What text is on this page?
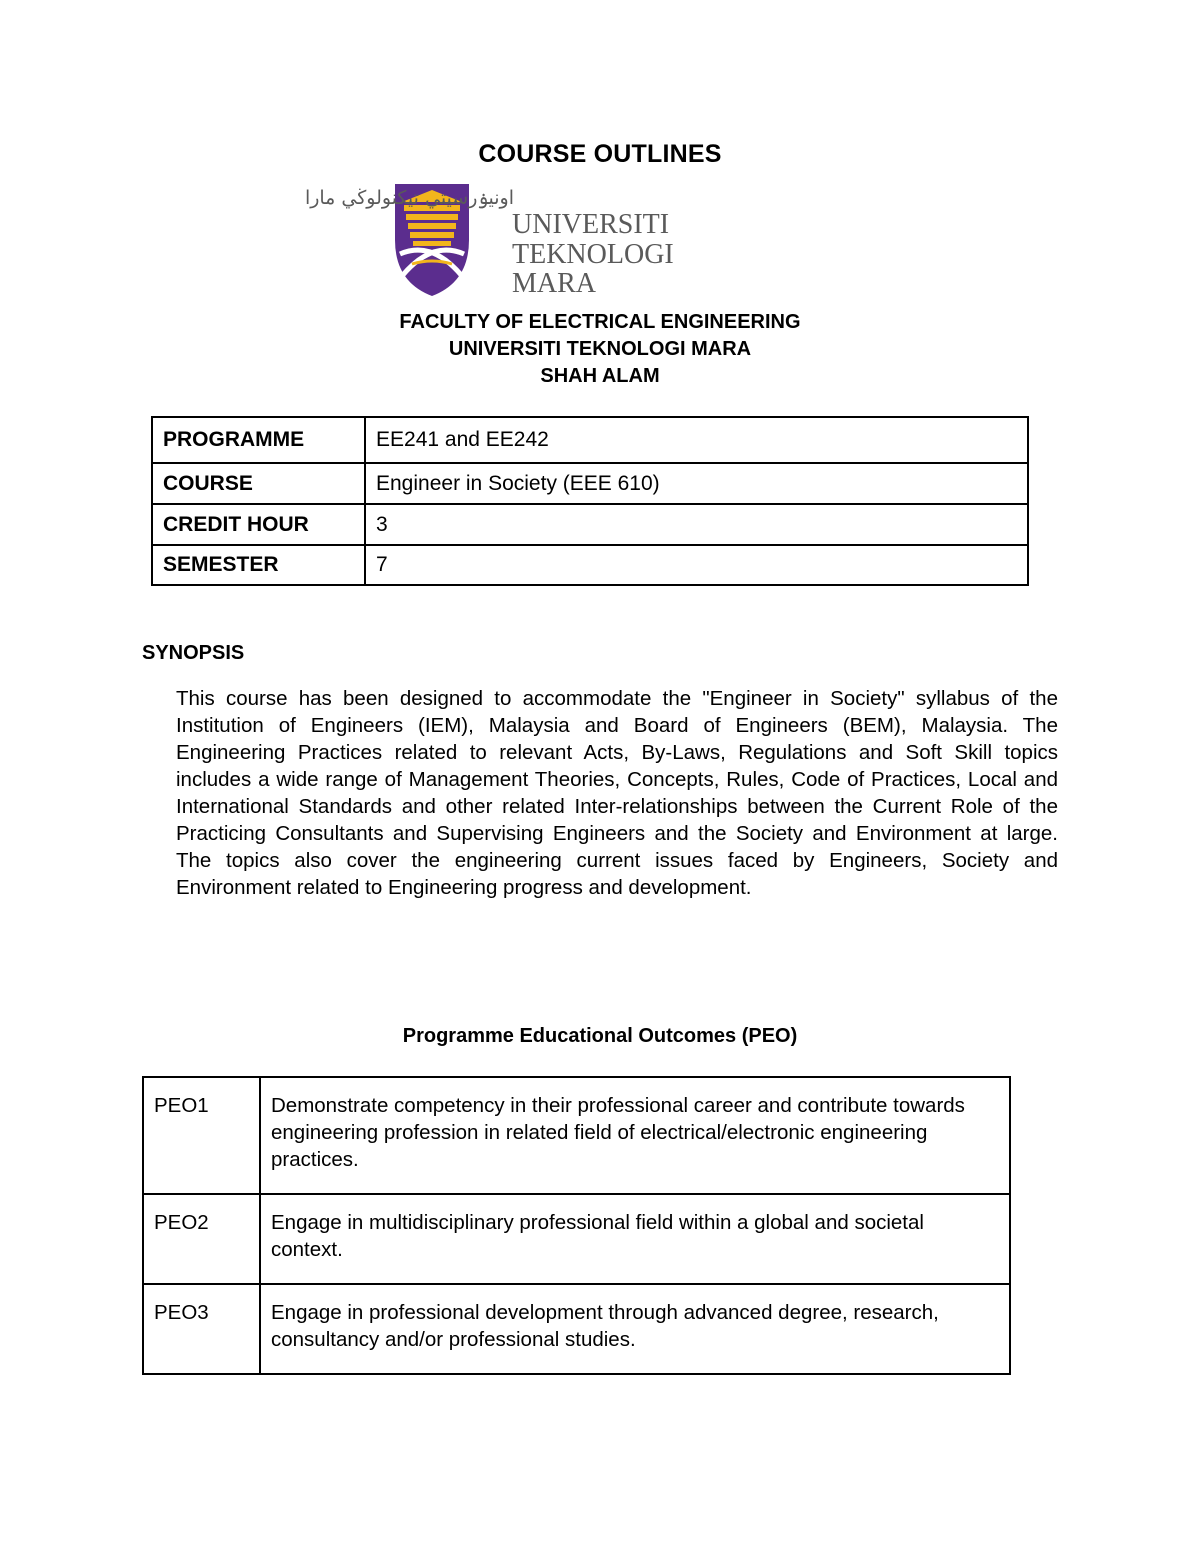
COURSE OUTLINES
اونيۏرسيتي تيكنولوڬي مارا
UNIVERSITI
TEKNOLOGI
MARA
FACULTY OF ELECTRICAL ENGINEERING
UNIVERSITI TEKNOLOGI MARA
SHAH ALAM
PROGRAMME	EE241 and EE242
COURSE	Engineer in Society (EEE 610)
CREDIT HOUR	3
SEMESTER	7
SYNOPSIS
This course has been designed to accommodate the "Engineer in Society" syllabus of the Institution of Engineers (IEM), Malaysia and Board of Engineers (BEM), Malaysia. The Engineering Practices related to relevant Acts, By-Laws, Regulations and Soft Skill topics includes a wide range of Management Theories, Concepts, Rules, Code of Practices, Local and International Standards and other related Inter-relationships between the Current Role of the Practicing Consultants and Supervising Engineers and the Society and Environment at large. The topics also cover the engineering current issues faced by Engineers, Society and Environment related to Engineering progress and development.
Programme Educational Outcomes (PEO)
PEO1	Demonstrate competency in their professional career and contribute towards engineering profession in related field of electrical/electronic engineering practices.
PEO2	Engage in multidisciplinary professional field within a global and societal context.
PEO3	Engage in professional development through advanced degree, research, consultancy and/or professional studies.
